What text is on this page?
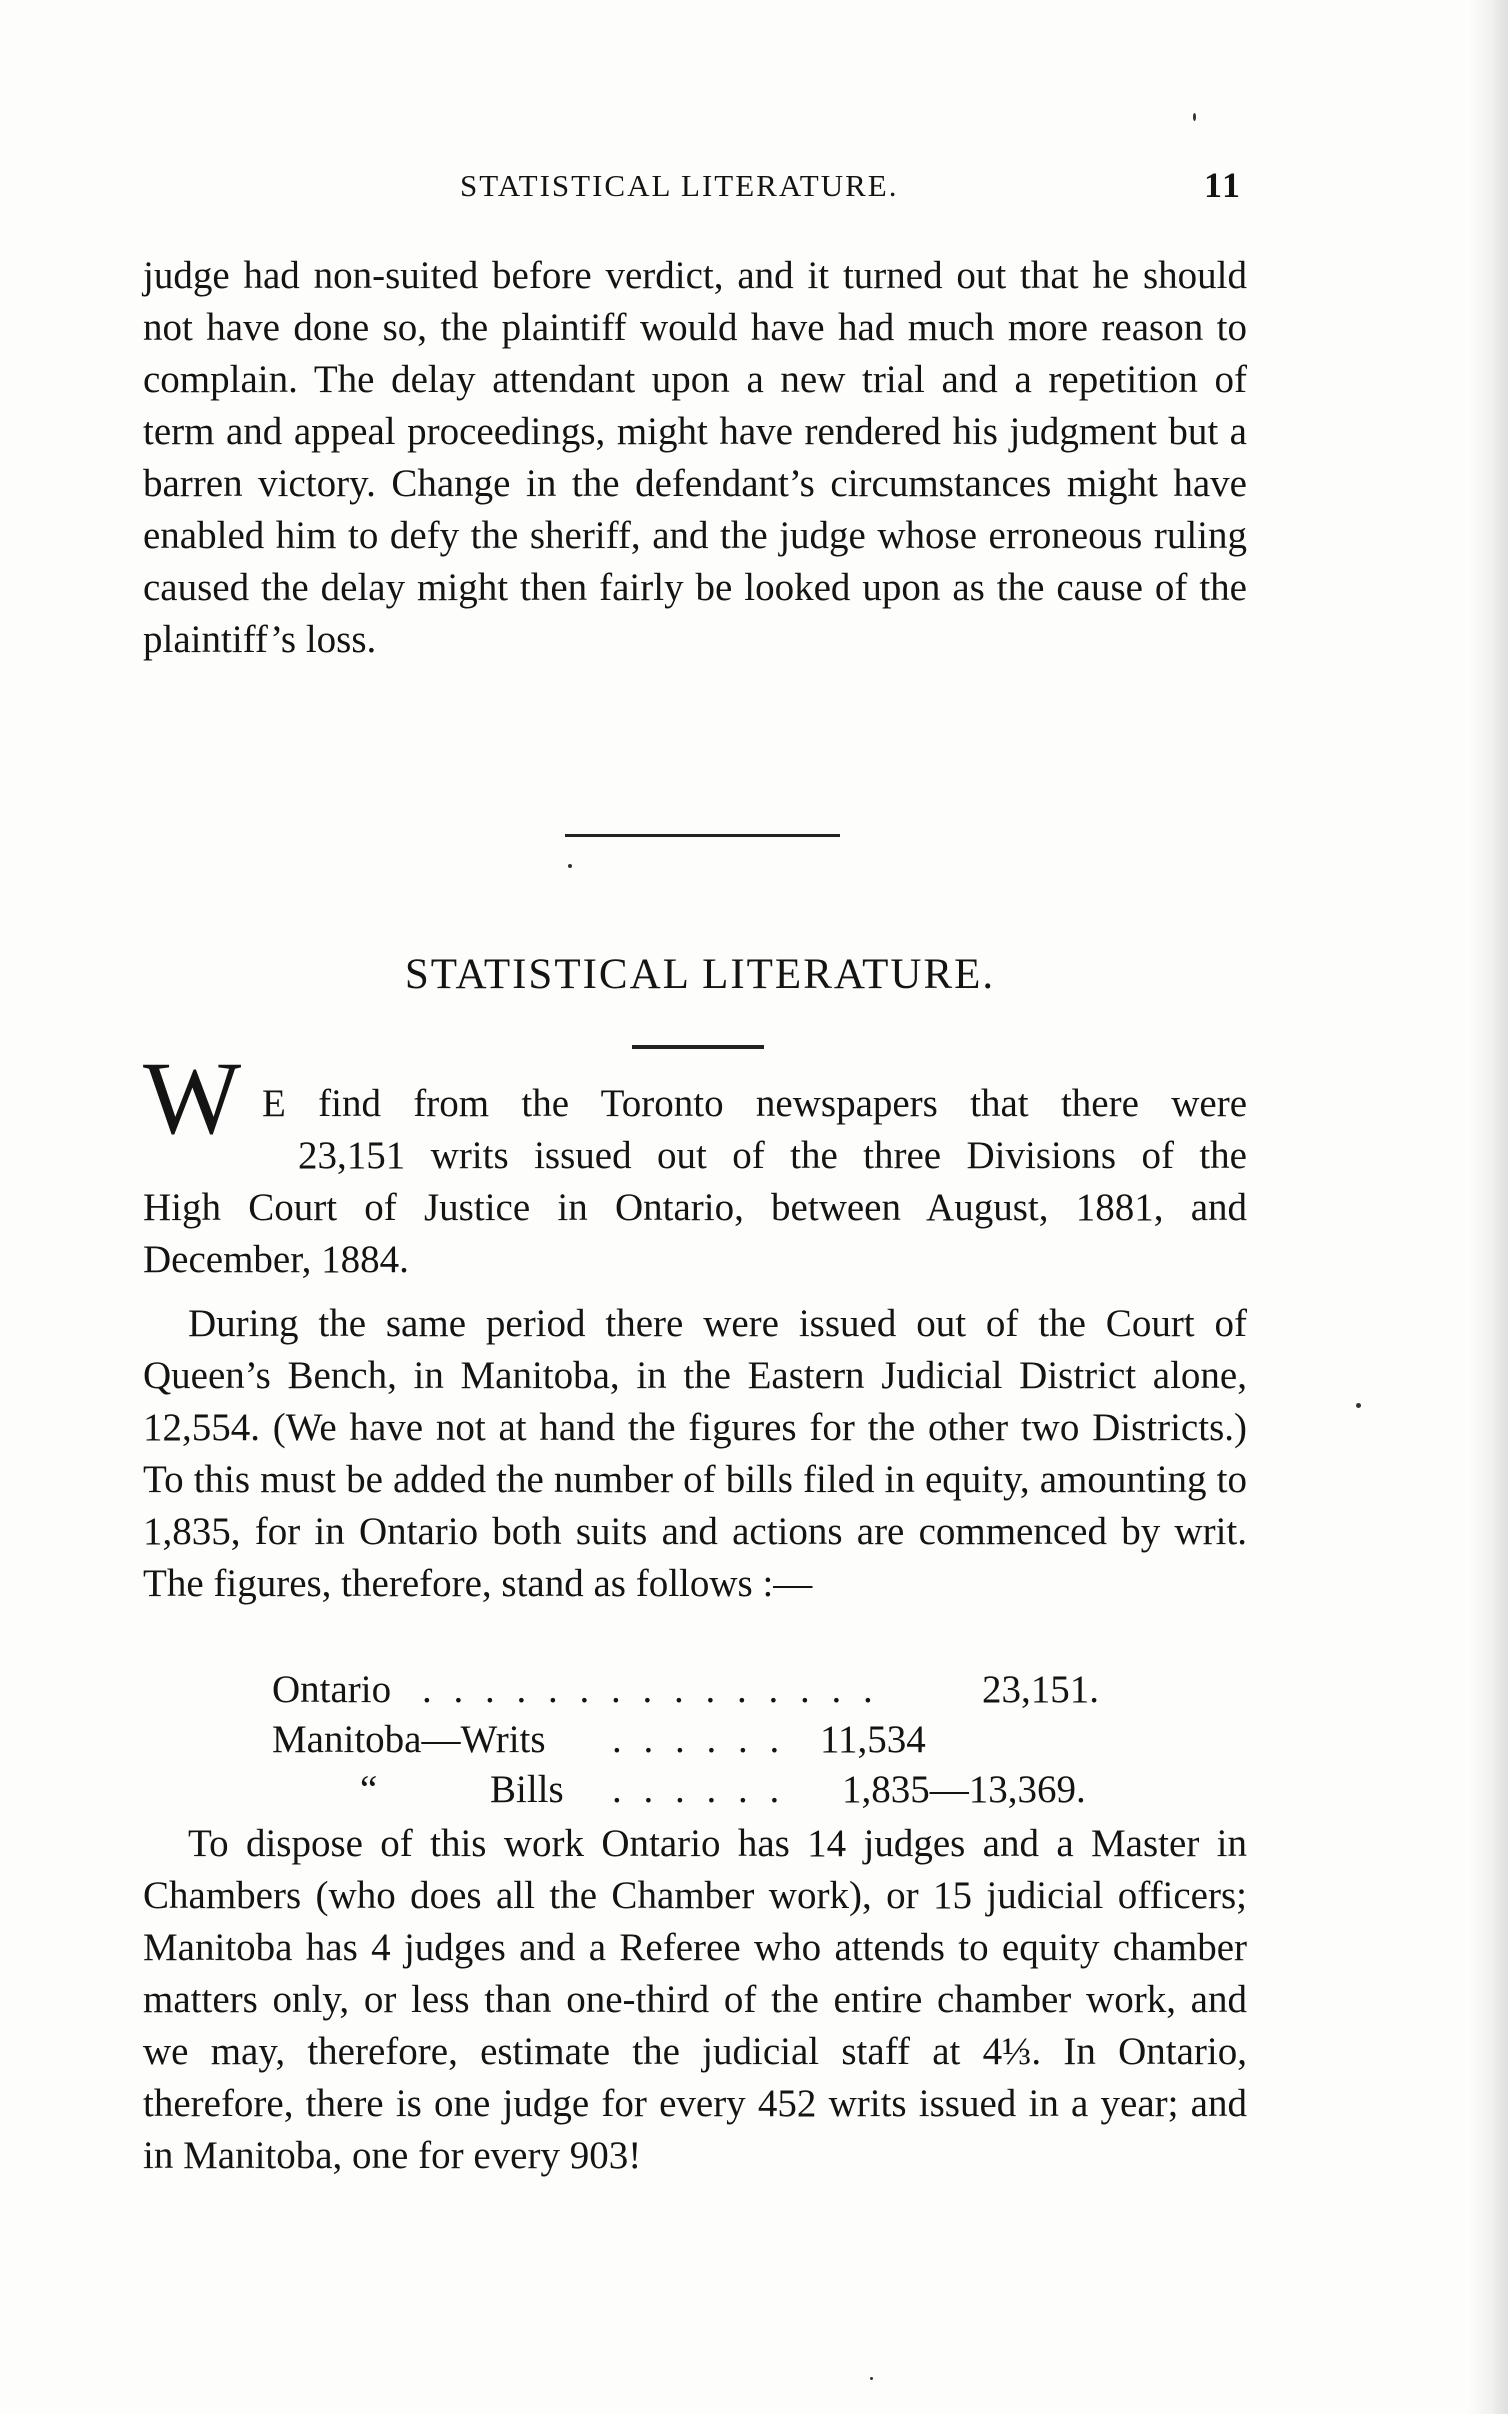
STATISTICAL LITERATURE.	11

judge had non-suited before verdict, and it turned out that he should not have done so, the plaintiff would have had much more reason to complain. The delay attendant upon a new trial and a repetition of term and appeal proceedings, might have rendered his judgment but a barren victory. Change in the defendant’s circumstances might have enabled him to defy the sheriff, and the judge whose erroneous ruling caused the delay might then fairly be looked upon as the cause of the plaintiff’s loss.

STATISTICAL LITERATURE.
W E find from the Toronto newspapers that there were
23,151 writs issued out of the three Divisions of the
High Court of Justice in Ontario, between August, 1881, and December, 1884.

During the same period there were issued out of the Court of Queen’s Bench, in Manitoba, in the Eastern Judicial District alone, 12,554. (We have not at hand the figures for the other two Districts.) To this must be added the number of bills filed in equity, amounting to 1,835, for in Ontario both suits and actions are commenced by writ. The figures, therefore, stand as follows :—

Ontario . . . . . . . . . . . . . . .	23,151.
Manitoba—Writs . . . . . . 11,534
“	Bills . . . . . . 1,835—13,369.

To dispose of this work Ontario has 14 judges and a Master in Chambers (who does all the Chamber work), or 15 judicial officers; Manitoba has 4 judges and a Referee who attends to equity chamber matters only, or less than one-third of the entire chamber work, and we may, therefore, estimate the judicial staff at 4⅓. In Ontario, therefore, there is one judge for every 452 writs issued in a year; and in Manitoba, one for every 903!
